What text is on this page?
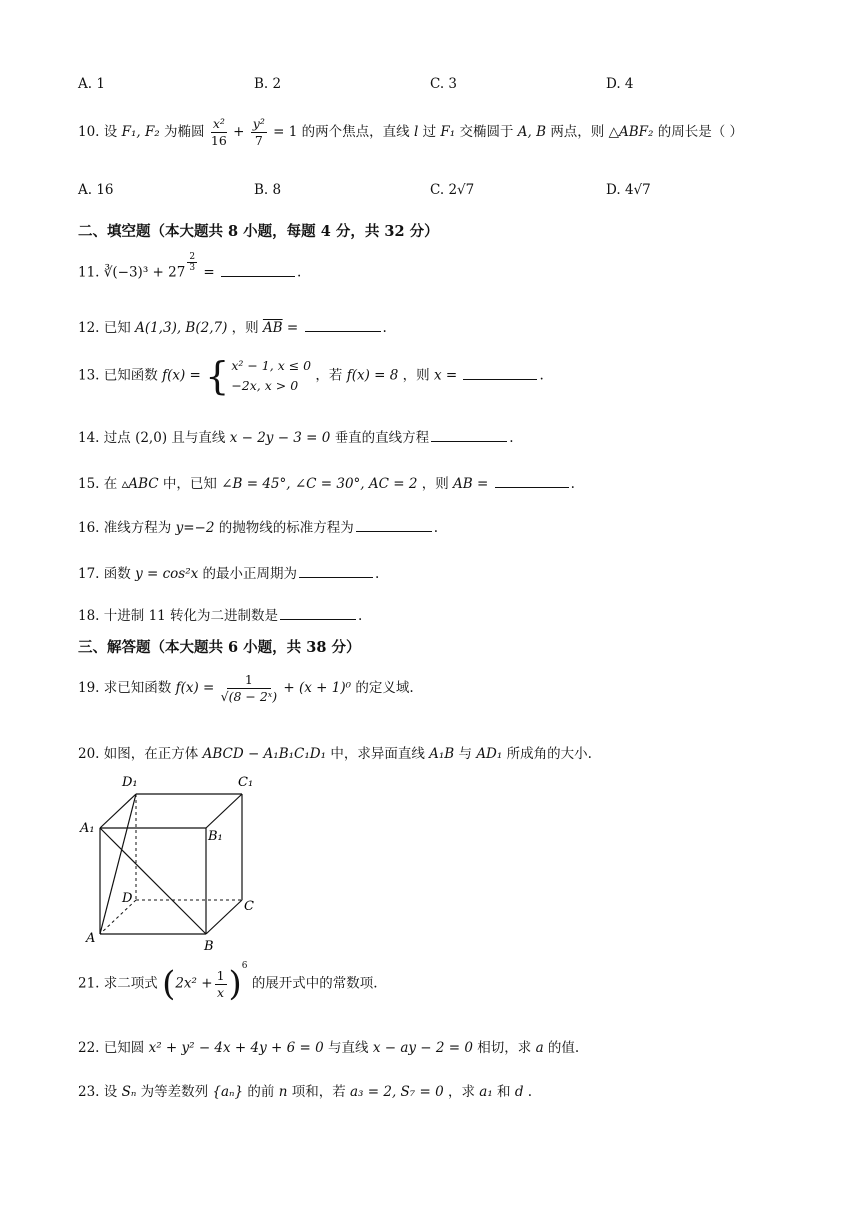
A. 1	B. 2	C. 3	D. 4
10. 设 F₁, F₂ 为椭圆 $\frac{\text{x²}}{16} + \frac{\text{y²}}{7} = 1$ 的两个焦点，直线 l 过 F₁ 交椭圆于 A, B 两点，则 △ABF₂ 的周长是（ ）
A. 16	B. 8	C. 2√7	D. 4√7
二、填空题（本大题共 8 小题，每题 4 分，共 32 分）
11. ∛(−3)³ + 27 $^{\frac{2}{3}}$ =	.
12. 已知 A(1,3), B(2,7) ，则 $\overline{AB}$ =	.
13. 已知函数 f(x) = { x² − 1, x ≤ 0
−2x, x > 0
，若 f(x) = 8 ，则 x =	.
14. 过点 (2,0) 且与直线 x − 2y − 3 = 0 垂直的直线方程	.
15. 在 ▵ABC 中，已知 ∠B = 45°, ∠C = 30°, AC = 2 ，则 AB =	.
16. 准线方程为 y=−2 的抛物线的标准方程为	.
17. 函数 y = cos²x 的最小正周期为	.
18. 十进制 11 转化为二进制数是	.
三、解答题（本大题共 6 小题，共 38 分）
19. 求已知函数 $f(x) = \frac{1}{\text{√(8 − 2ˣ)}} + (x + 1)^0$ 的定义域.
20. 如图，在正方体 ABCD − A₁B₁C₁D₁ 中，求异面直线 A₁B 与 AD₁ 所成角的大小.
D₁	C₁
A₁
B₁
D
C
A
B
21. 求二项式 $(2x^2 + \frac{1}{x} )^6$ 的展开式中的常数项.
22. 已知圆 x² + y² − 4x + 4y + 6 = 0 与直线 x − ay − 2 = 0 相切，求 a 的值.
23. 设 Sₙ 为等差数列 {aₙ} 的前 n 项和，若 a₃ = 2, S₇ = 0 ，求 a₁ 和 d .
